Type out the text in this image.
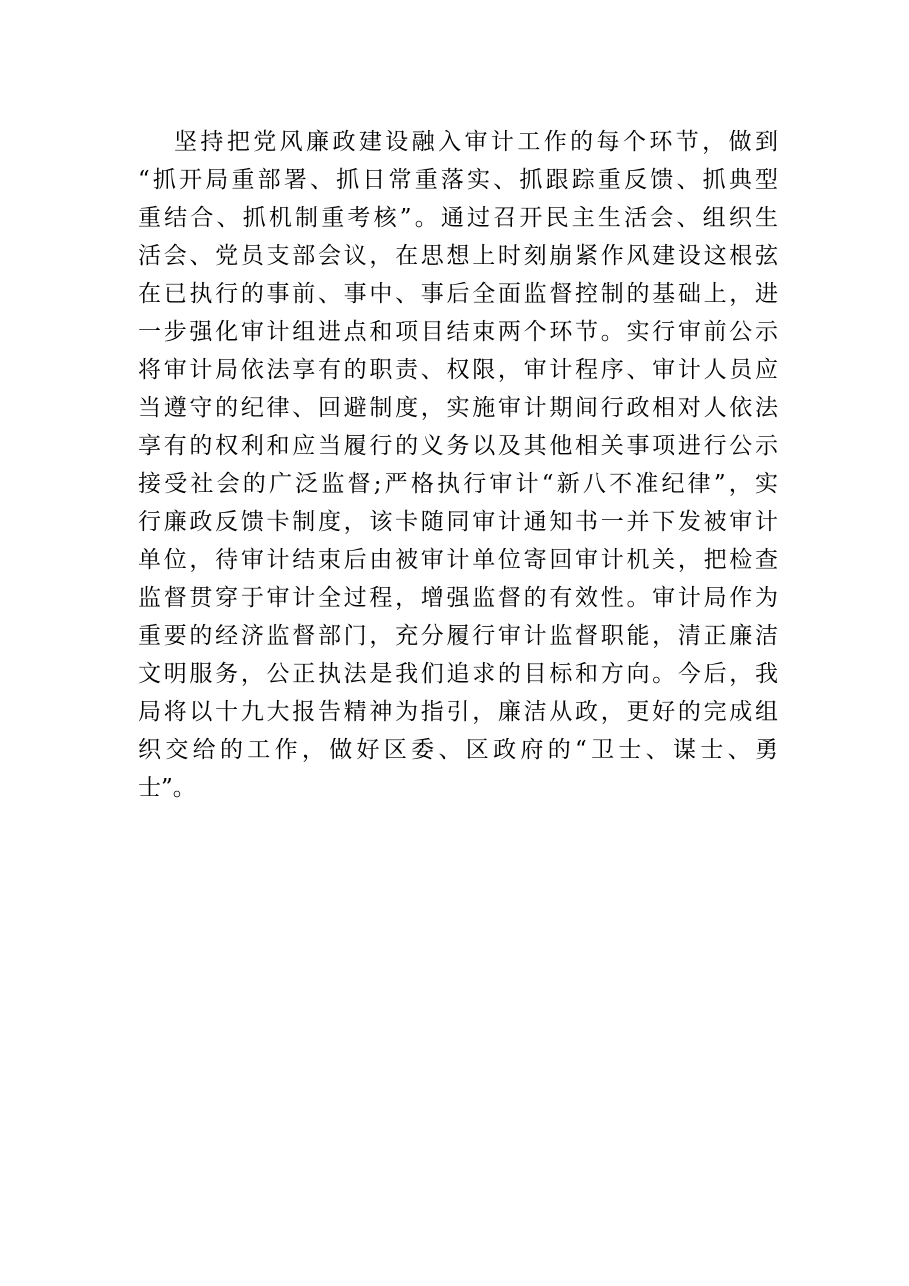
坚持把党风廉政建设融入审计工作的每个环节，做到
“抓开局重部署、抓日常重落实、抓跟踪重反馈、抓典型
重结合、抓机制重考核”。通过召开民主生活会、组织生
活会、党员支部会议，在思想上时刻崩紧作风建设这根弦
在已执行的事前、事中、事后全面监督控制的基础上，进
一步强化审计组进点和项目结束两个环节。实行审前公示
将审计局依法享有的职责、权限，审计程序、审计人员应
当遵守的纪律、回避制度，实施审计期间行政相对人依法
享有的权利和应当履行的义务以及其他相关事项进行公示
接受社会的广泛监督;严格执行审计“新八不准纪律”，实
行廉政反馈卡制度，该卡随同审计通知书一并下发被审计
单位，待审计结束后由被审计单位寄回审计机关，把检查
监督贯穿于审计全过程，增强监督的有效性。审计局作为
重要的经济监督部门，充分履行审计监督职能，清正廉洁
文明服务，公正执法是我们追求的目标和方向。今后，我
局将以十九大报告精神为指引，廉洁从政，更好的完成组
织交给的工作，做好区委、区政府的“卫士、谋士、勇
士”。
